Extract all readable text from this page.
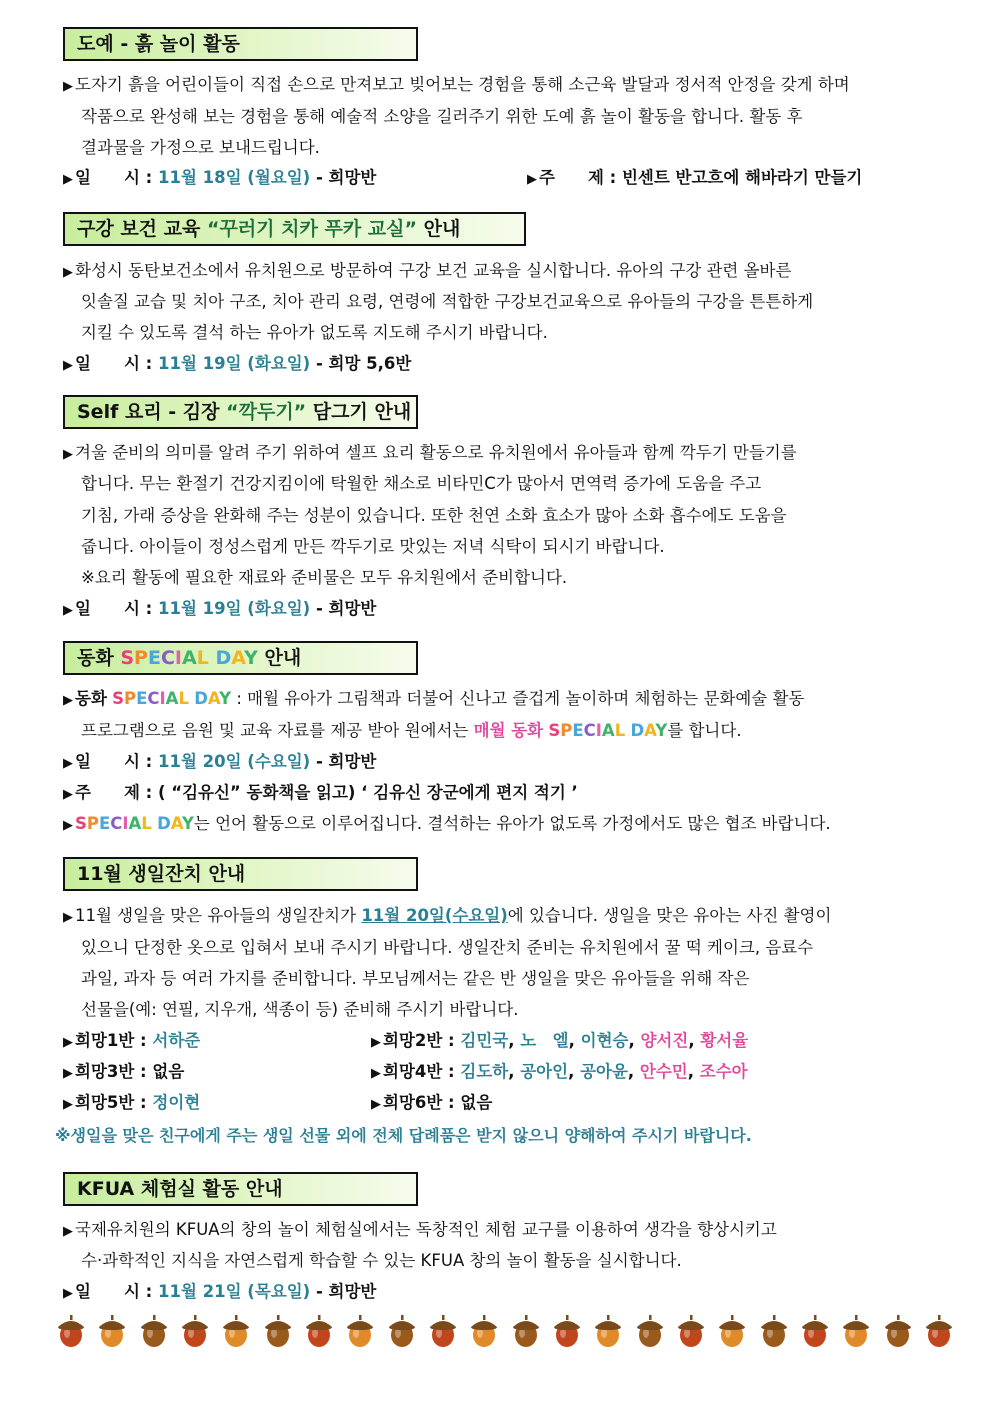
도예 - 흙 놀이 활동
▶ 도자기 흙을 어린이들이 직접 손으로 만져보고 빚어보는 경험을 통해 소근육 발달과 정서적 안정을 갖게 하며
작품으로 완성해 보는 경험을 통해 예술적 소양을 길러주기 위한 도예 흙 놀이 활동을 합니다. 활동 후
결과물을 가정으로 보내드립니다.
▶ 일　　시 : 11월 18일 (월요일) - 희망반	▶ 주　　제 : 빈센트 반고흐에 해바라기 만들기
구강 보건 교육 “꾸러기 치카 푸카 교실” 안내
▶ 화성시 동탄보건소에서 유치원으로 방문하여 구강 보건 교육을 실시합니다. 유아의 구강 관련 올바른
잇솔질 교습 및 치아 구조, 치아 관리 요령, 연령에 적합한 구강보건교육으로 유아들의 구강을 튼튼하게
지킬 수 있도록 결석 하는 유아가 없도록 지도해 주시기 바랍니다.
▶ 일　　시 : 11월 19일 (화요일) - 희망 5,6반
Self 요리 - 김장 “깍두기” 담그기 안내
▶ 겨울 준비의 의미를 알려 주기 위하여 셀프 요리 활동으로 유치원에서 유아들과 함께 깍두기 만들기를
합니다. 무는 환절기 건강지킴이에 탁월한 채소로 비타민C가 많아서 면역력 증가에 도움을 주고
기침, 가래 증상을 완화해 주는 성분이 있습니다. 또한 천연 소화 효소가 많아 소화 흡수에도 도움을
줍니다. 아이들이 정성스럽게 만든 깍두기로 맛있는 저녁 식탁이 되시기 바랍니다.
※요리 활동에 필요한 재료와 준비물은 모두 유치원에서 준비합니다.
▶ 일　　시 : 11월 19일 (화요일) - 희망반
동화 SPECIAL DAY 안내
▶ 동화 SPECIAL DAY : 매월 유아가 그림책과 더불어 신나고 즐겁게 놀이하며 체험하는 문화예술 활동
프로그램으로 음원 및 교육 자료를 제공 받아 원에서는 매월 동화 SPECIAL DAY를 합니다.
▶ 일　　시 : 11월 20일 (수요일) - 희망반
▶ 주　　제 : ( “김유신” 동화책을 읽고) ‘ 김유신 장군에게 편지 적기 ’
▶ SPECIAL DAY는 언어 활동으로 이루어집니다. 결석하는 유아가 없도록 가정에서도 많은 협조 바랍니다.
11월 생일잔치 안내
▶ 11월 생일을 맞은 유아들의 생일잔치가 11월 20일(수요일)에 있습니다. 생일을 맞은 유아는 사진 촬영이
있으니 단정한 옷으로 입혀서 보내 주시기 바랍니다. 생일잔치 준비는 유치원에서 꿀 떡 케이크, 음료수
과일, 과자 등 여러 가지를 준비합니다. 부모님께서는 같은 반 생일을 맞은 유아들을 위해 작은
선물을(예: 연필, 지우개, 색종이 등) 준비해 주시기 바랍니다.
▶ 희망1반 : 서하준	▶ 희망2반 : 김민국, 노　엘, 이현승, 양서진, 황서율
▶ 희망3반 : 없음	▶ 희망4반 : 김도하, 공아인, 공아윤, 안수민, 조수아
▶ 희망5반 : 정이현	▶ 희망6반 : 없음
※생일을 맞은 친구에게 주는 생일 선물 외에 전체 답례품은 받지 않으니 양해하여 주시기 바랍니다.
KFUA 체험실 활동 안내
▶ 국제유치원의 KFUA의 창의 놀이 체험실에서는 독창적인 체험 교구를 이용하여 생각을 향상시키고
수·과학적인 지식을 자연스럽게 학습할 수 있는 KFUA 창의 놀이 활동을 실시합니다.
▶ 일　　시 : 11월 21일 (목요일) - 희망반
